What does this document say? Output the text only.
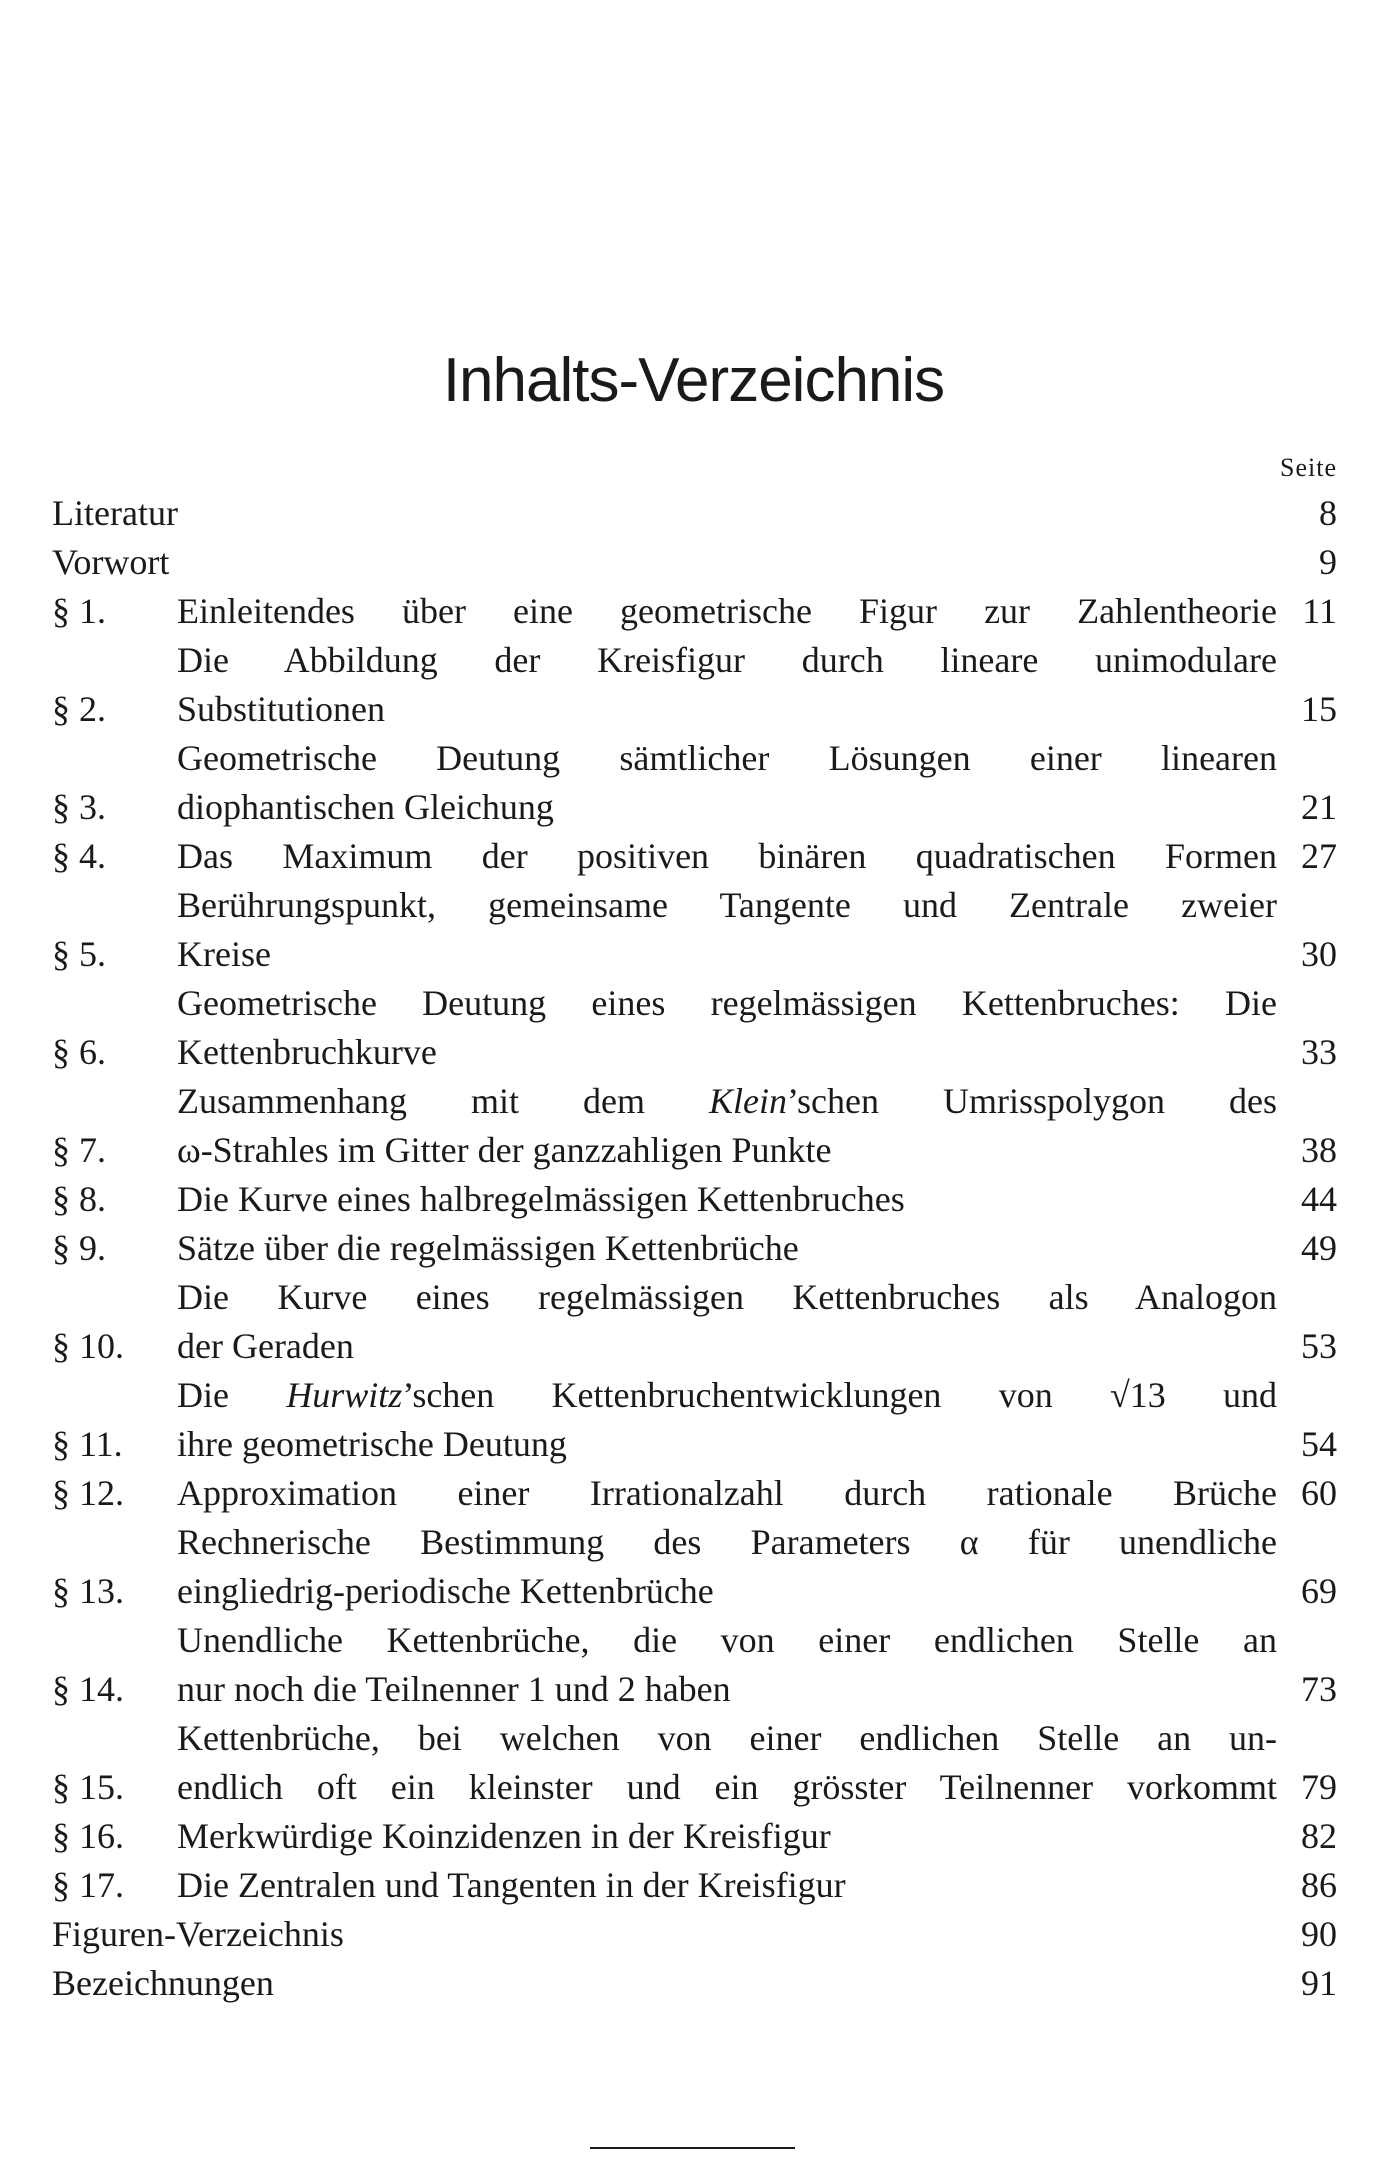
Inhalts-Verzeichnis
Seite
Literatur	8
Vorwort	9
§ 1.	Einleitendes über eine geometrische Figur zur Zahlentheorie 11
§ 2.
Die Abbildung der Kreisfigur durch lineare unimodulare
Substitutionen	15
§ 3.
Geometrische Deutung sämtlicher Lösungen einer linearen
diophantischen Gleichung	21
§ 4.	Das Maximum der positiven binären quadratischen Formen 27
§ 5.
Berührungspunkt, gemeinsame Tangente und Zentrale zweier
Kreise	30
§ 6.
Geometrische Deutung eines regelmässigen Kettenbruches: Die
Kettenbruchkurve	33
§ 7.
Zusammenhang mit dem Klein’schen Umrisspolygon des
ω-Strahles im Gitter der ganzzahligen Punkte	38
§ 8.	Die Kurve eines halbregelmässigen Kettenbruches	44
§ 9.	Sätze über die regelmässigen Kettenbrüche	49
§ 10.
Die Kurve eines regelmässigen Kettenbruches als Analogon
der Geraden	53
§ 11.
Die Hurwitz’schen Kettenbruchentwicklungen von √13 und
ihre geometrische Deutung	54
§ 12.	Approximation einer Irrationalzahl durch rationale Brüche 60
§ 13.
Rechnerische Bestimmung des Parameters α für unendliche
eingliedrig-periodische Kettenbrüche	69
§ 14.
Unendliche Kettenbrüche, die von einer endlichen Stelle an
nur noch die Teilnenner 1 und 2 haben	73
§ 15.
Kettenbrüche, bei welchen von einer endlichen Stelle an un-
endlich oft ein kleinster und ein grösster Teilnenner vorkommt 79
§ 16.	Merkwürdige Koinzidenzen in der Kreisfigur	82
§ 17.	Die Zentralen und Tangenten in der Kreisfigur	86
Figuren-Verzeichnis	90
Bezeichnungen	91
